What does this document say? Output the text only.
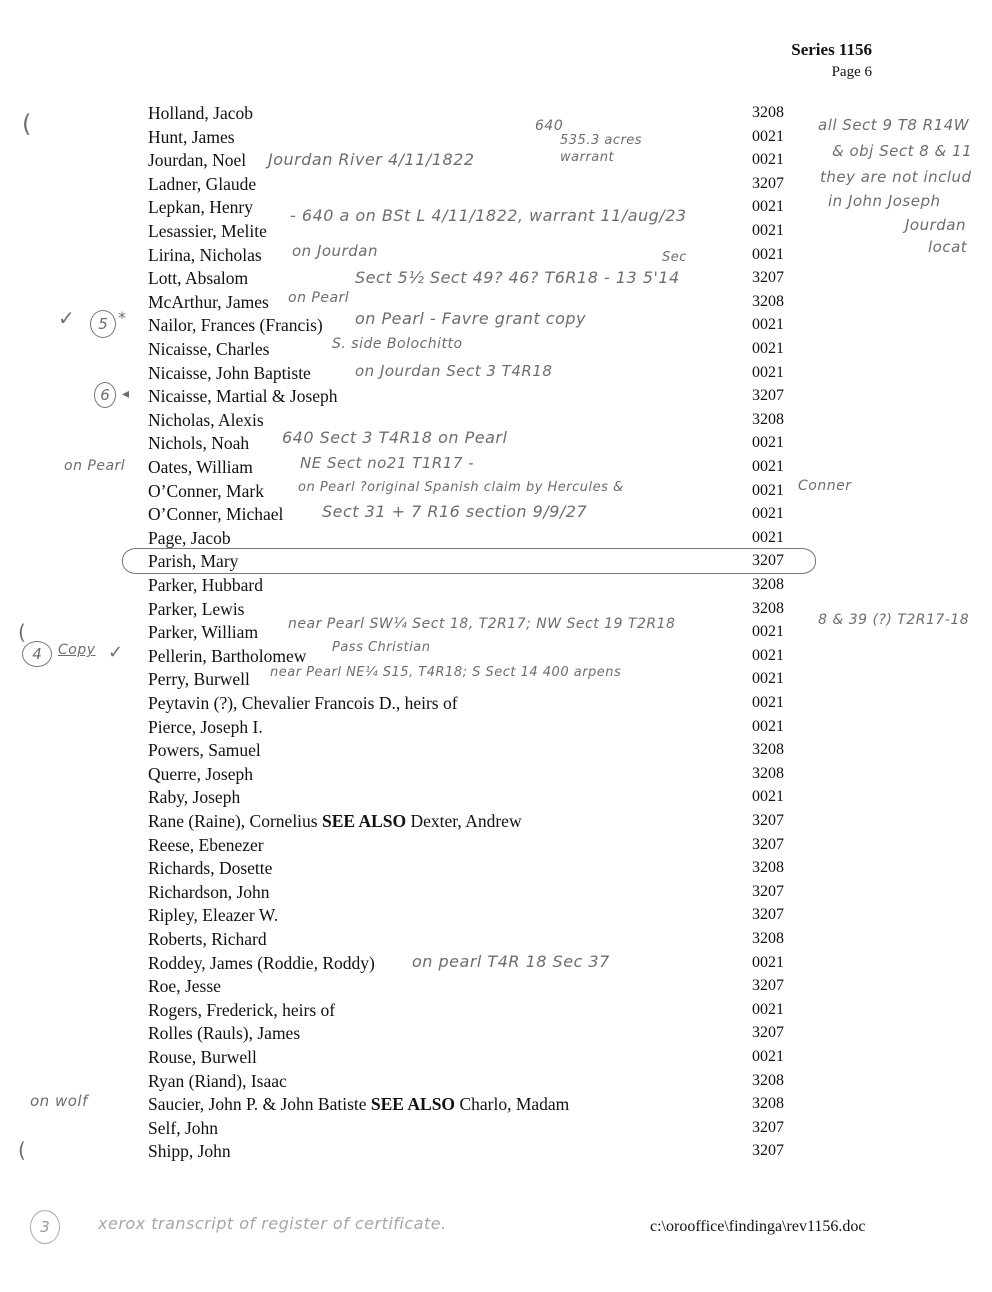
Series 1156
Page 6
Holland, Jacob	3208
Hunt, James	0021
Jourdan, Noel	0021
Ladner, Glaude	3207
Lepkan, Henry	0021
Lesassier, Melite	0021
Lirina, Nicholas	0021
Lott, Absalom	3207
McArthur, James	3208
Nailor, Frances (Francis)	0021
Nicaisse, Charles	0021
Nicaisse, John Baptiste	0021
Nicaisse, Martial & Joseph	3207
Nicholas, Alexis	3208
Nichols, Noah	0021
Oates, William	0021
O’Conner, Mark	0021
O’Conner, Michael	0021
Page, Jacob	0021
Parish, Mary	3207
Parker, Hubbard	3208
Parker, Lewis	3208
Parker, William	0021
Pellerin, Bartholomew	0021
Perry, Burwell	0021
Peytavin (?), Chevalier Francois D., heirs of	0021
Pierce, Joseph I.	0021
Powers, Samuel	3208
Querre, Joseph	3208
Raby, Joseph	0021
Rane (Raine), Cornelius SEE ALSO Dexter, Andrew	3207
Reese, Ebenezer	3207
Richards, Dosette	3208
Richardson, John	3207
Ripley, Eleazer W.	3207
Roberts, Richard	3208
Roddey, James (Roddie, Roddy)	0021
Roe, Jesse	3207
Rogers, Frederick, heirs of	0021
Rolles (Rauls), James	3207
Rouse, Burwell	0021
Ryan (Riand), Isaac	3208
Saucier, John P. & John Batiste SEE ALSO Charlo, Madam	3208
Self, John	3207
Shipp, John	3207
640
535.3 acres
warrant
Jourdan River 4/11/1822
- 640 a on BSt L 4/11/1822, warrant 11/aug/23
on Jourdan	Sec
Sect 5½ Sect 49? 46? T6R18 - 13 5'14
on Pearl
on Pearl - Favre grant copy
S. side Bolochitto
on Jourdan Sect 3 T4R18
640 Sect 3 T4R18 on Pearl
on Pearl	NE Sect no21 T1R17 -
on Pearl ?original Spanish claim by Hercules &	Conner
Sect 31 + 7 R16 section 9/9/27
near Pearl SW¼ Sect 18, T2R17; NW Sect 19 T2R18	8 & 39 (?) T2R17-18
Pass Christian
near Pearl NE¼ S15, T4R18; S Sect 14 400 arpens
on pearl T4R 18 Sec 37
on wolf
all Sect 9 T8 R14W
& obj Sect 8 & 11
they are not includ
in John Joseph
Jourdan
locat
(
✓	5 *
6 ◂
(
4	Copy ✓
(
3	xerox transcript of register of certificate.	c:\orooffice\findinga\rev1156.doc
